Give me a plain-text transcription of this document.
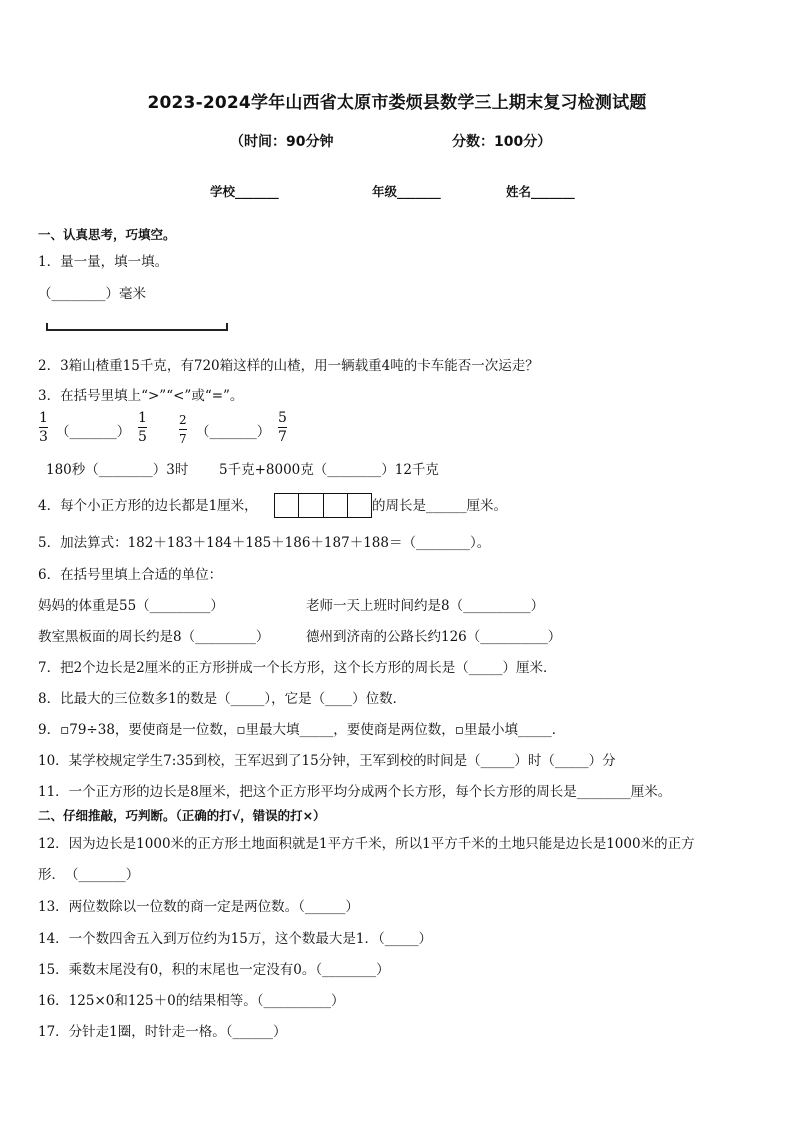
2023-2024学年山西省太原市娄烦县数学三上期末复习检测试题
（时间：90分钟	分数：100分）
学校_______	年级_______	姓名_______
一、认真思考，巧填空。
1．量一量，填一填。
（________）毫米
2．3箱山楂重15千克，有720箱这样的山楂，用一辆载重4吨的卡车能否一次运走？
3．在括号里填上“>”“<”或“=”。
1
3 （_______）
1
5
2
7 （_______）
5
7
180秒（________）3时 5千克+8000克（________）12千克
4．每个小正方形的边长都是1厘米，	的周长是______厘米。
5．加法算式：182＋183＋184＋185＋186＋187＋188＝（________）。
6．在括号里填上合适的单位：
妈妈的体重是55（_________）	老师一天上班时间约是8（__________）
教室黑板面的周长约是8（_________）	德州到济南的公路长约126（__________）
7．把2个边长是2厘米的正方形拼成一个长方形，这个长方形的周长是（_____）厘米．
8．比最大的三位数多1的数是（_____），它是（____）位数．
9．▫79÷38，要使商是一位数，▫里最大填_____，要使商是两位数，▫里最小填_____．
10．某学校规定学生7:35到校，王军迟到了15分钟，王军到校的时间是（_____）时（_____）分
11．一个正方形的边长是8厘米，把这个正方形平均分成两个长方形，每个长方形的周长是________厘米。
二、仔细推敲，巧判断。（正确的打√，错误的打×）
12．因为边长是1000米的正方形土地面积就是1平方千米，所以1平方千米的土地只能是边长是1000米的正方
形．　（_______）
13．两位数除以一位数的商一定是两位数。（______）
14．一个数四舍五入到万位约为15万，这个数最大是1．（_____）
15．乘数末尾没有0，积的末尾也一定没有0。（________）
16．125×0和125＋0的结果相等。（__________）
17．分针走1圈，时针走一格。（______）
